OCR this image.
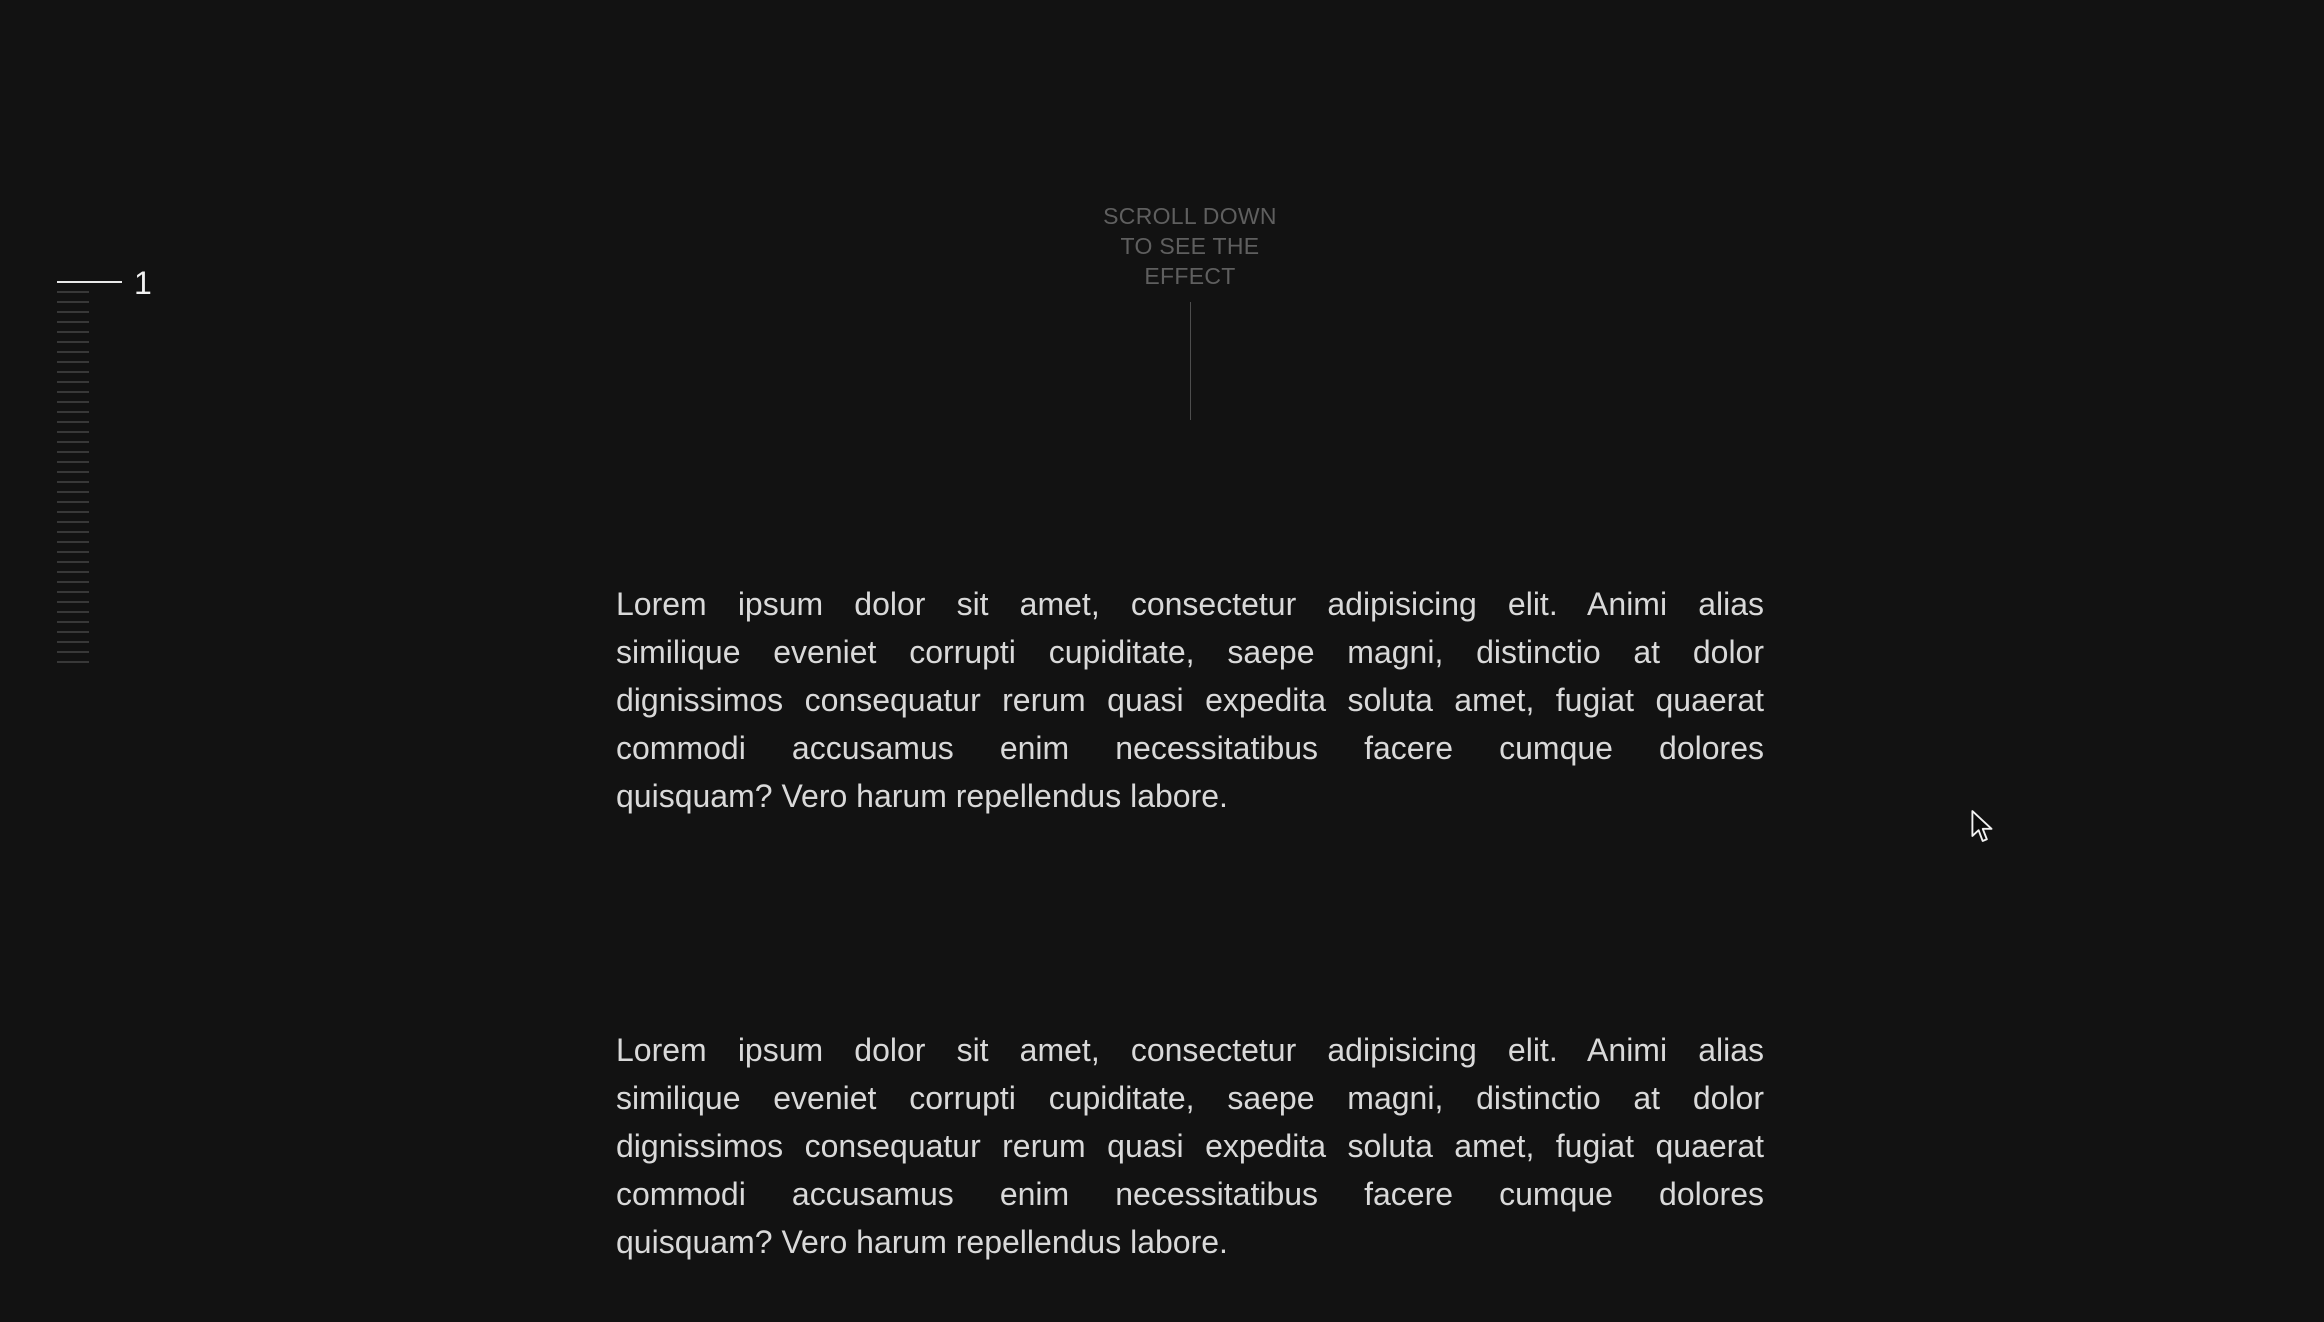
1
SCROLL DOWN
TO SEE THE
EFFECT
Lorem ipsum dolor sit amet, consectetur adipisicing elit. Animi alias
similique eveniet corrupti cupiditate, saepe magni, distinctio at dolor
dignissimos consequatur rerum quasi expedita soluta amet, fugiat quaerat
commodi accusamus enim necessitatibus facere cumque dolores
quisquam? Vero harum repellendus labore.
Lorem ipsum dolor sit amet, consectetur adipisicing elit. Animi alias
similique eveniet corrupti cupiditate, saepe magni, distinctio at dolor
dignissimos consequatur rerum quasi expedita soluta amet, fugiat quaerat
commodi accusamus enim necessitatibus facere cumque dolores
quisquam? Vero harum repellendus labore.
